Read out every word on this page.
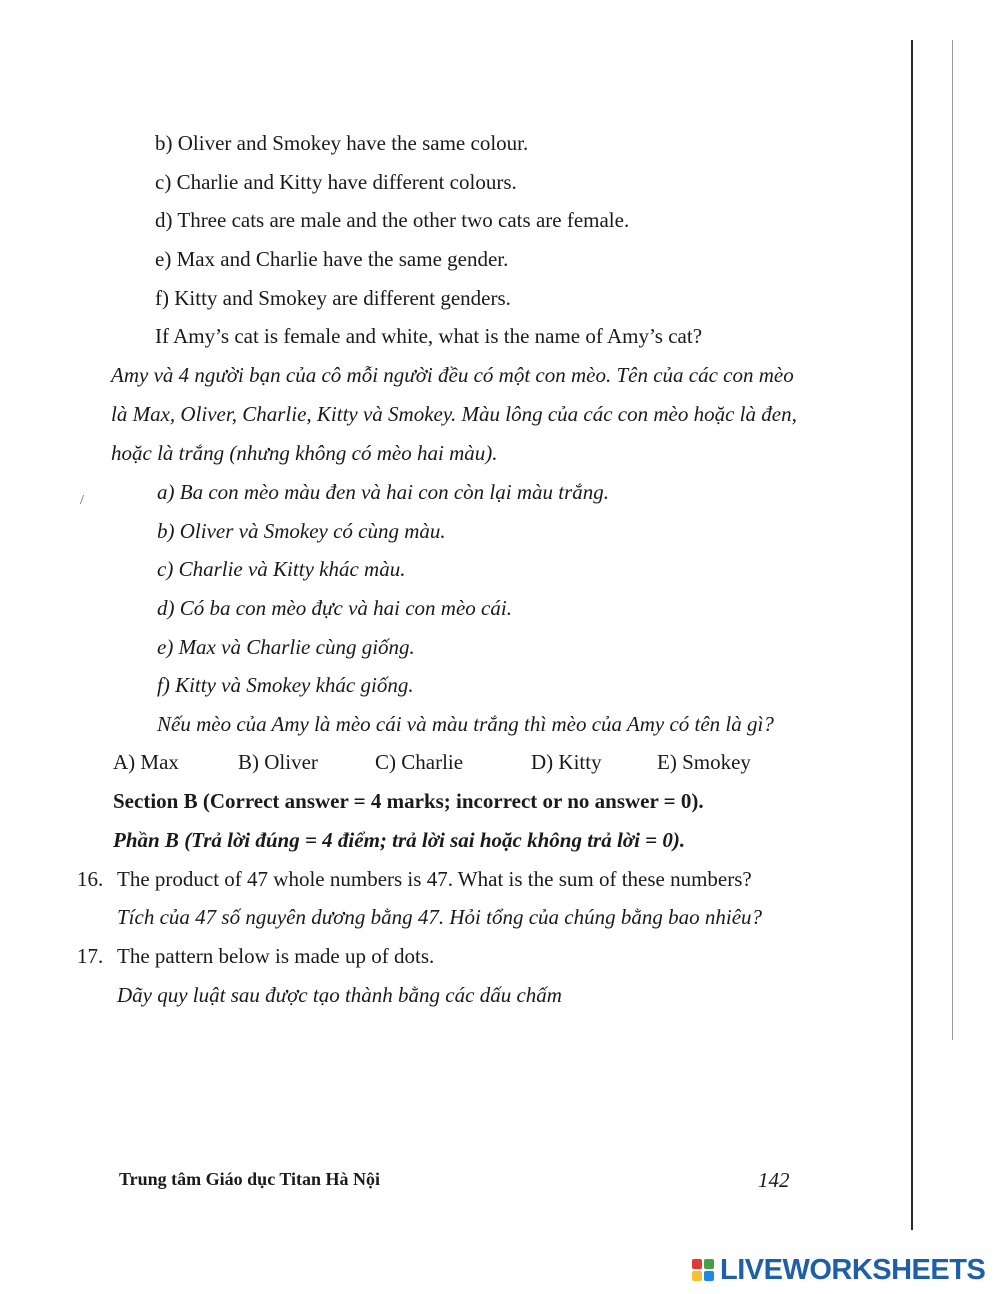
b) Oliver and Smokey have the same colour.
c) Charlie and Kitty have different colours.
d) Three cats are male and the other two cats are female.
e) Max and Charlie have the same gender.
f) Kitty and Smokey are different genders.
If Amy’s cat is female and white, what is the name of Amy’s cat?
Amy và 4 người bạn của cô mỗi người đều có một con mèo. Tên của các con mèo
là Max, Oliver, Charlie, Kitty và Smokey. Màu lông của các con mèo hoặc là đen,
hoặc là trắng (nhưng không có mèo hai màu).
a) Ba con mèo màu đen và hai con còn lại màu trắng.
b) Oliver và Smokey có cùng màu.
c) Charlie và Kitty khác màu.
d) Có ba con mèo đực và hai con mèo cái.
e) Max và Charlie cùng giống.
f) Kitty và Smokey khác giống.
Nếu mèo của Amy là mèo cái và màu trắng thì mèo của Amy có tên là gì?
A) Max	B) Oliver	C) Charlie	D) Kitty	E) Smokey
Section B (Correct answer = 4 marks; incorrect or no answer = 0).
Phần B (Trả lời đúng = 4 điểm; trả lời sai hoặc không trả lời = 0).
16. The product of 47 whole numbers is 47. What is the sum of these numbers?
Tích của 47 số nguyên dương bằng 47. Hỏi tổng của chúng bằng bao nhiêu?
17. The pattern below is made up of dots.
Dãy quy luật sau được tạo thành bằng các dấu chấm
Trung tâm Giáo dục Titan Hà Nội	142
/
LIVEWORKSHEETS
